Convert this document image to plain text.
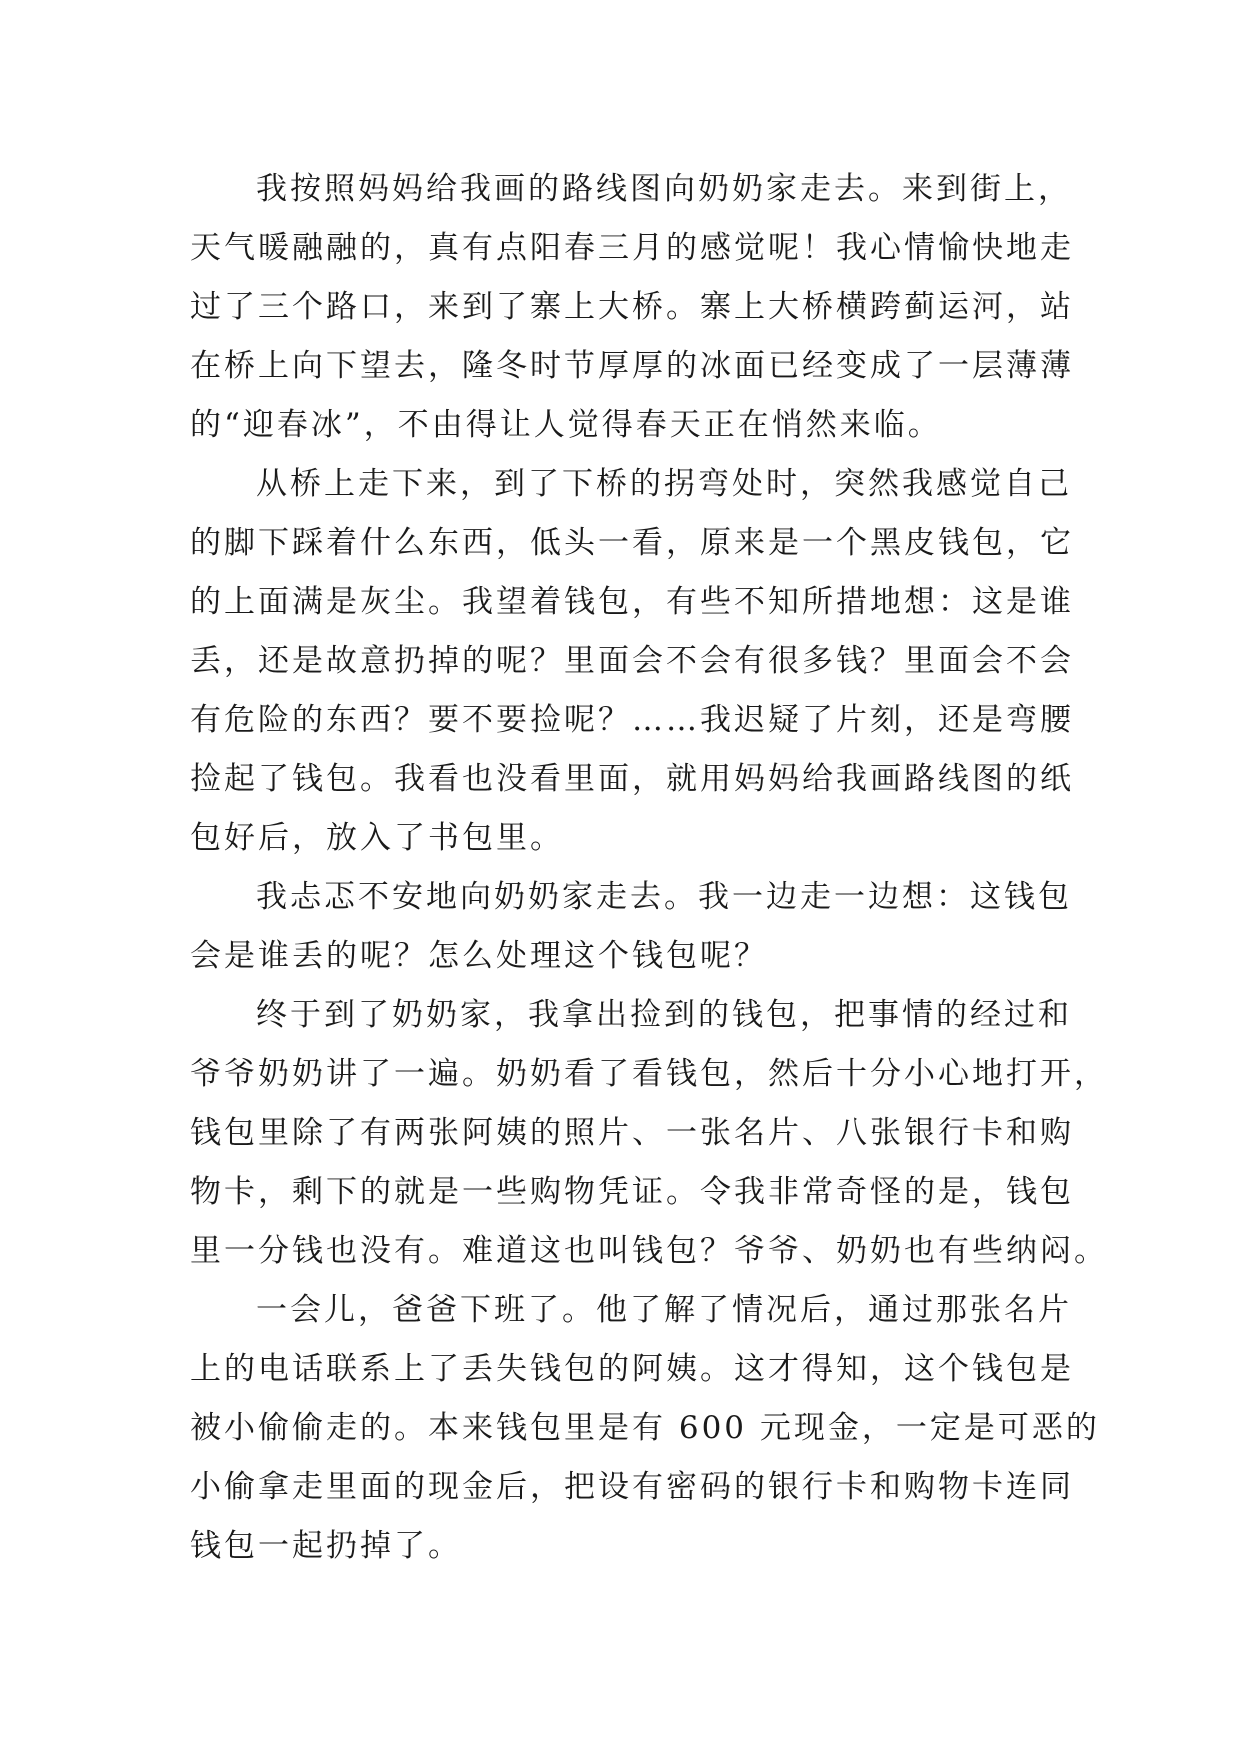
我按照妈妈给我画的路线图向奶奶家走去。来到街上，
天气暖融融的，真有点阳春三月的感觉呢！我心情愉快地走
过了三个路口，来到了寨上大桥。寨上大桥横跨蓟运河，站
在桥上向下望去，隆冬时节厚厚的冰面已经变成了一层薄薄
的“迎春冰”，不由得让人觉得春天正在悄然来临。
从桥上走下来，到了下桥的拐弯处时，突然我感觉自己
的脚下踩着什么东西，低头一看，原来是一个黑皮钱包，它
的上面满是灰尘。我望着钱包，有些不知所措地想：这是谁
丢，还是故意扔掉的呢？里面会不会有很多钱？里面会不会
有危险的东西？要不要捡呢？……我迟疑了片刻，还是弯腰
捡起了钱包。我看也没看里面，就用妈妈给我画路线图的纸
包好后，放入了书包里。
我忐忑不安地向奶奶家走去。我一边走一边想：这钱包
会是谁丢的呢？怎么处理这个钱包呢？
终于到了奶奶家，我拿出捡到的钱包，把事情的经过和
爷爷奶奶讲了一遍。奶奶看了看钱包，然后十分小心地打开，
钱包里除了有两张阿姨的照片、一张名片、八张银行卡和购
物卡，剩下的就是一些购物凭证。令我非常奇怪的是，钱包
里一分钱也没有。难道这也叫钱包？爷爷、奶奶也有些纳闷。
一会儿，爸爸下班了。他了解了情况后，通过那张名片
上的电话联系上了丢失钱包的阿姨。这才得知，这个钱包是
被小偷偷走的。本来钱包里是有 600 元现金，一定是可恶的
小偷拿走里面的现金后，把设有密码的银行卡和购物卡连同
钱包一起扔掉了。
